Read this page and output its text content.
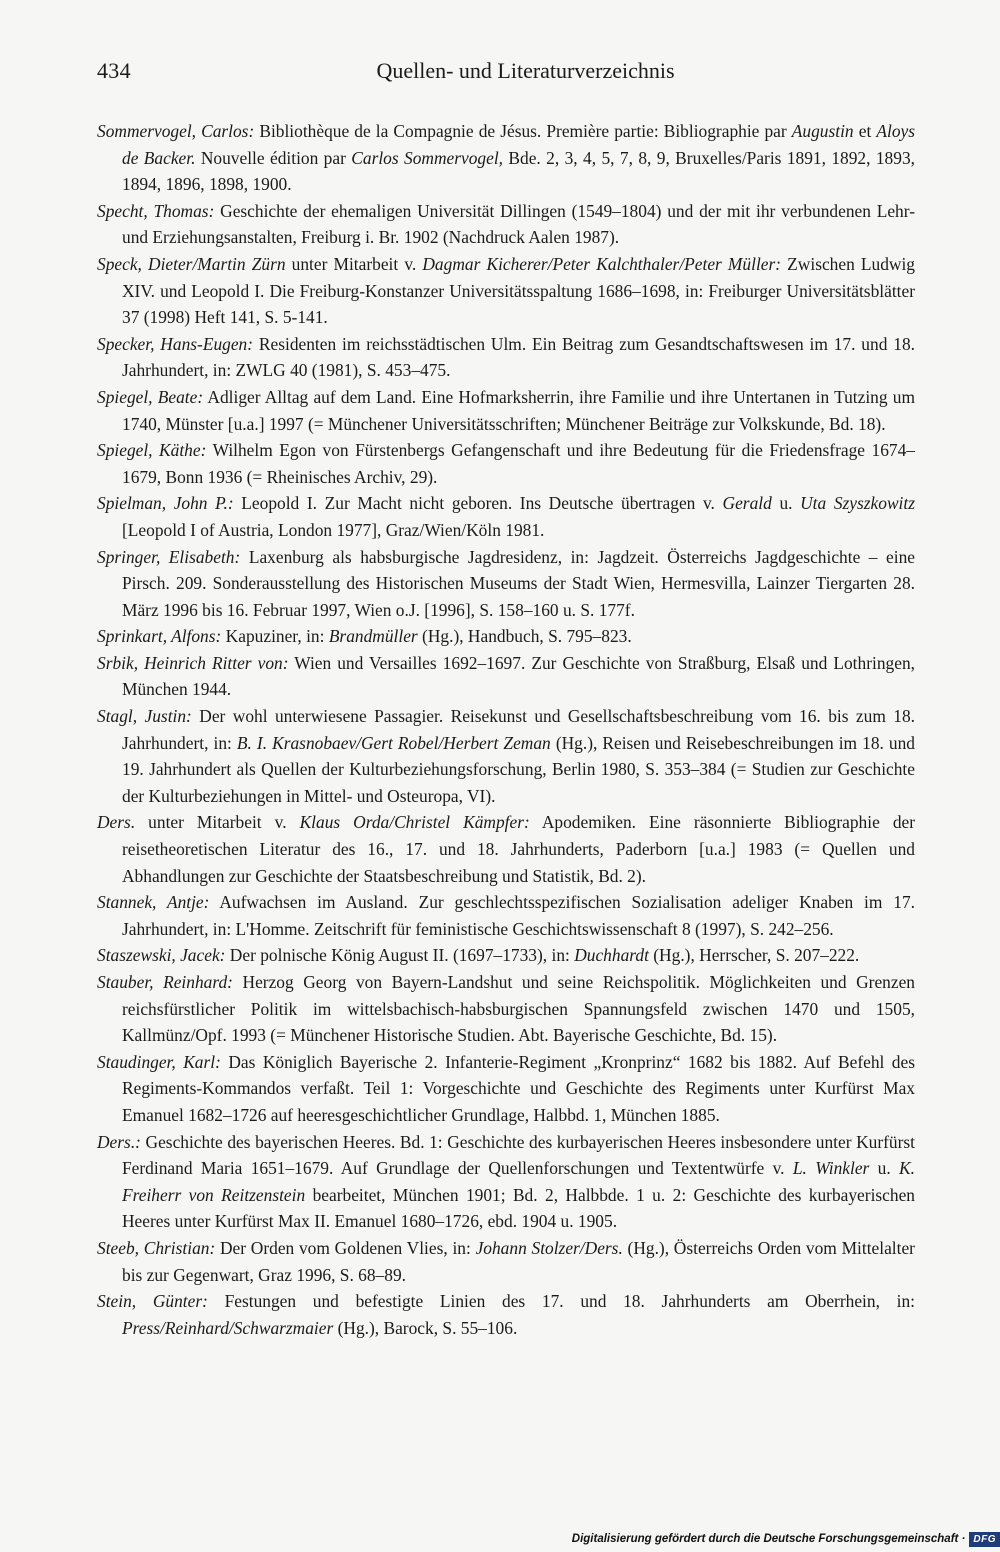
434	Quellen- und Literaturverzeichnis

Sommervogel, Carlos: Bibliothèque de la Compagnie de Jésus. Première partie: Bibliographie par Augustin et Aloys de Backer. Nouvelle édition par Carlos Sommervogel, Bde. 2, 3, 4, 5, 7, 8, 9, Bruxelles/Paris 1891, 1892, 1893, 1894, 1896, 1898, 1900.

Specht, Thomas: Geschichte der ehemaligen Universität Dillingen (1549–1804) und der mit ihr verbundenen Lehr- und Erziehungsanstalten, Freiburg i. Br. 1902 (Nachdruck Aalen 1987).

Speck, Dieter/Martin Zürn unter Mitarbeit v. Dagmar Kicherer/Peter Kalchthaler/Peter Müller: Zwischen Ludwig XIV. und Leopold I. Die Freiburg-Konstanzer Universitätsspaltung 1686–1698, in: Freiburger Universitätsblätter 37 (1998) Heft 141, S. 5-141.

Specker, Hans-Eugen: Residenten im reichsstädtischen Ulm. Ein Beitrag zum Gesandtschaftswesen im 17. und 18. Jahrhundert, in: ZWLG 40 (1981), S. 453–475.

Spiegel, Beate: Adliger Alltag auf dem Land. Eine Hofmarksherrin, ihre Familie und ihre Untertanen in Tutzing um 1740, Münster [u.a.] 1997 (= Münchener Universitätsschriften; Münchener Beiträge zur Volkskunde, Bd. 18).

Spiegel, Käthe: Wilhelm Egon von Fürstenbergs Gefangenschaft und ihre Bedeutung für die Friedensfrage 1674–1679, Bonn 1936 (= Rheinisches Archiv, 29).

Spielman, John P.: Leopold I. Zur Macht nicht geboren. Ins Deutsche übertragen v. Gerald u. Uta Szyszkowitz [Leopold I of Austria, London 1977], Graz/Wien/Köln 1981.

Springer, Elisabeth: Laxenburg als habsburgische Jagdresidenz, in: Jagdzeit. Österreichs Jagdgeschichte – eine Pirsch. 209. Sonderausstellung des Historischen Museums der Stadt Wien, Hermesvilla, Lainzer Tiergarten 28. März 1996 bis 16. Februar 1997, Wien o.J. [1996], S. 158–160 u. S. 177f.

Sprinkart, Alfons: Kapuziner, in: Brandmüller (Hg.), Handbuch, S. 795–823.

Srbik, Heinrich Ritter von: Wien und Versailles 1692–1697. Zur Geschichte von Straßburg, Elsaß und Lothringen, München 1944.

Stagl, Justin: Der wohl unterwiesene Passagier. Reisekunst und Gesellschaftsbeschreibung vom 16. bis zum 18. Jahrhundert, in: B. I. Krasnobaev/Gert Robel/Herbert Zeman (Hg.), Reisen und Reisebeschreibungen im 18. und 19. Jahrhundert als Quellen der Kulturbeziehungsforschung, Berlin 1980, S. 353–384 (= Studien zur Geschichte der Kulturbeziehungen in Mittel- und Osteuropa, VI).

Ders. unter Mitarbeit v. Klaus Orda/Christel Kämpfer: Apodemiken. Eine räsonnierte Bibliographie der reisetheoretischen Literatur des 16., 17. und 18. Jahrhunderts, Paderborn [u.a.] 1983 (= Quellen und Abhandlungen zur Geschichte der Staatsbeschreibung und Statistik, Bd. 2).

Stannek, Antje: Aufwachsen im Ausland. Zur geschlechtsspezifischen Sozialisation adeliger Knaben im 17. Jahrhundert, in: L'Homme. Zeitschrift für feministische Geschichtswissenschaft 8 (1997), S. 242–256.

Staszewski, Jacek: Der polnische König August II. (1697–1733), in: Duchhardt (Hg.), Herrscher, S. 207–222.

Stauber, Reinhard: Herzog Georg von Bayern-Landshut und seine Reichspolitik. Möglichkeiten und Grenzen reichsfürstlicher Politik im wittelsbachisch-habsburgischen Spannungsfeld zwischen 1470 und 1505, Kallmünz/Opf. 1993 (= Münchener Historische Studien. Abt. Bayerische Geschichte, Bd. 15).

Staudinger, Karl: Das Königlich Bayerische 2. Infanterie-Regiment „Kronprinz“ 1682 bis 1882. Auf Befehl des Regiments-Kommandos verfaßt. Teil 1: Vorgeschichte und Geschichte des Regiments unter Kurfürst Max Emanuel 1682–1726 auf heeresgeschichtlicher Grundlage, Halbbd. 1, München 1885.

Ders.: Geschichte des bayerischen Heeres. Bd. 1: Geschichte des kurbayerischen Heeres insbesondere unter Kurfürst Ferdinand Maria 1651–1679. Auf Grundlage der Quellenforschungen und Textentwürfe v. L. Winkler u. K. Freiherr von Reitzenstein bearbeitet, München 1901; Bd. 2, Halbbde. 1 u. 2: Geschichte des kurbayerischen Heeres unter Kurfürst Max II. Emanuel 1680–1726, ebd. 1904 u. 1905.

Steeb, Christian: Der Orden vom Goldenen Vlies, in: Johann Stolzer/Ders. (Hg.), Österreichs Orden vom Mittelalter bis zur Gegenwart, Graz 1996, S. 68–89.

Stein, Günter: Festungen und befestigte Linien des 17. und 18. Jahrhunderts am Oberrhein, in: Press/Reinhard/Schwarzmaier (Hg.), Barock, S. 55–106.

Digitalisierung gefördert durch die Deutsche Forschungsgemeinschaft · DFG
